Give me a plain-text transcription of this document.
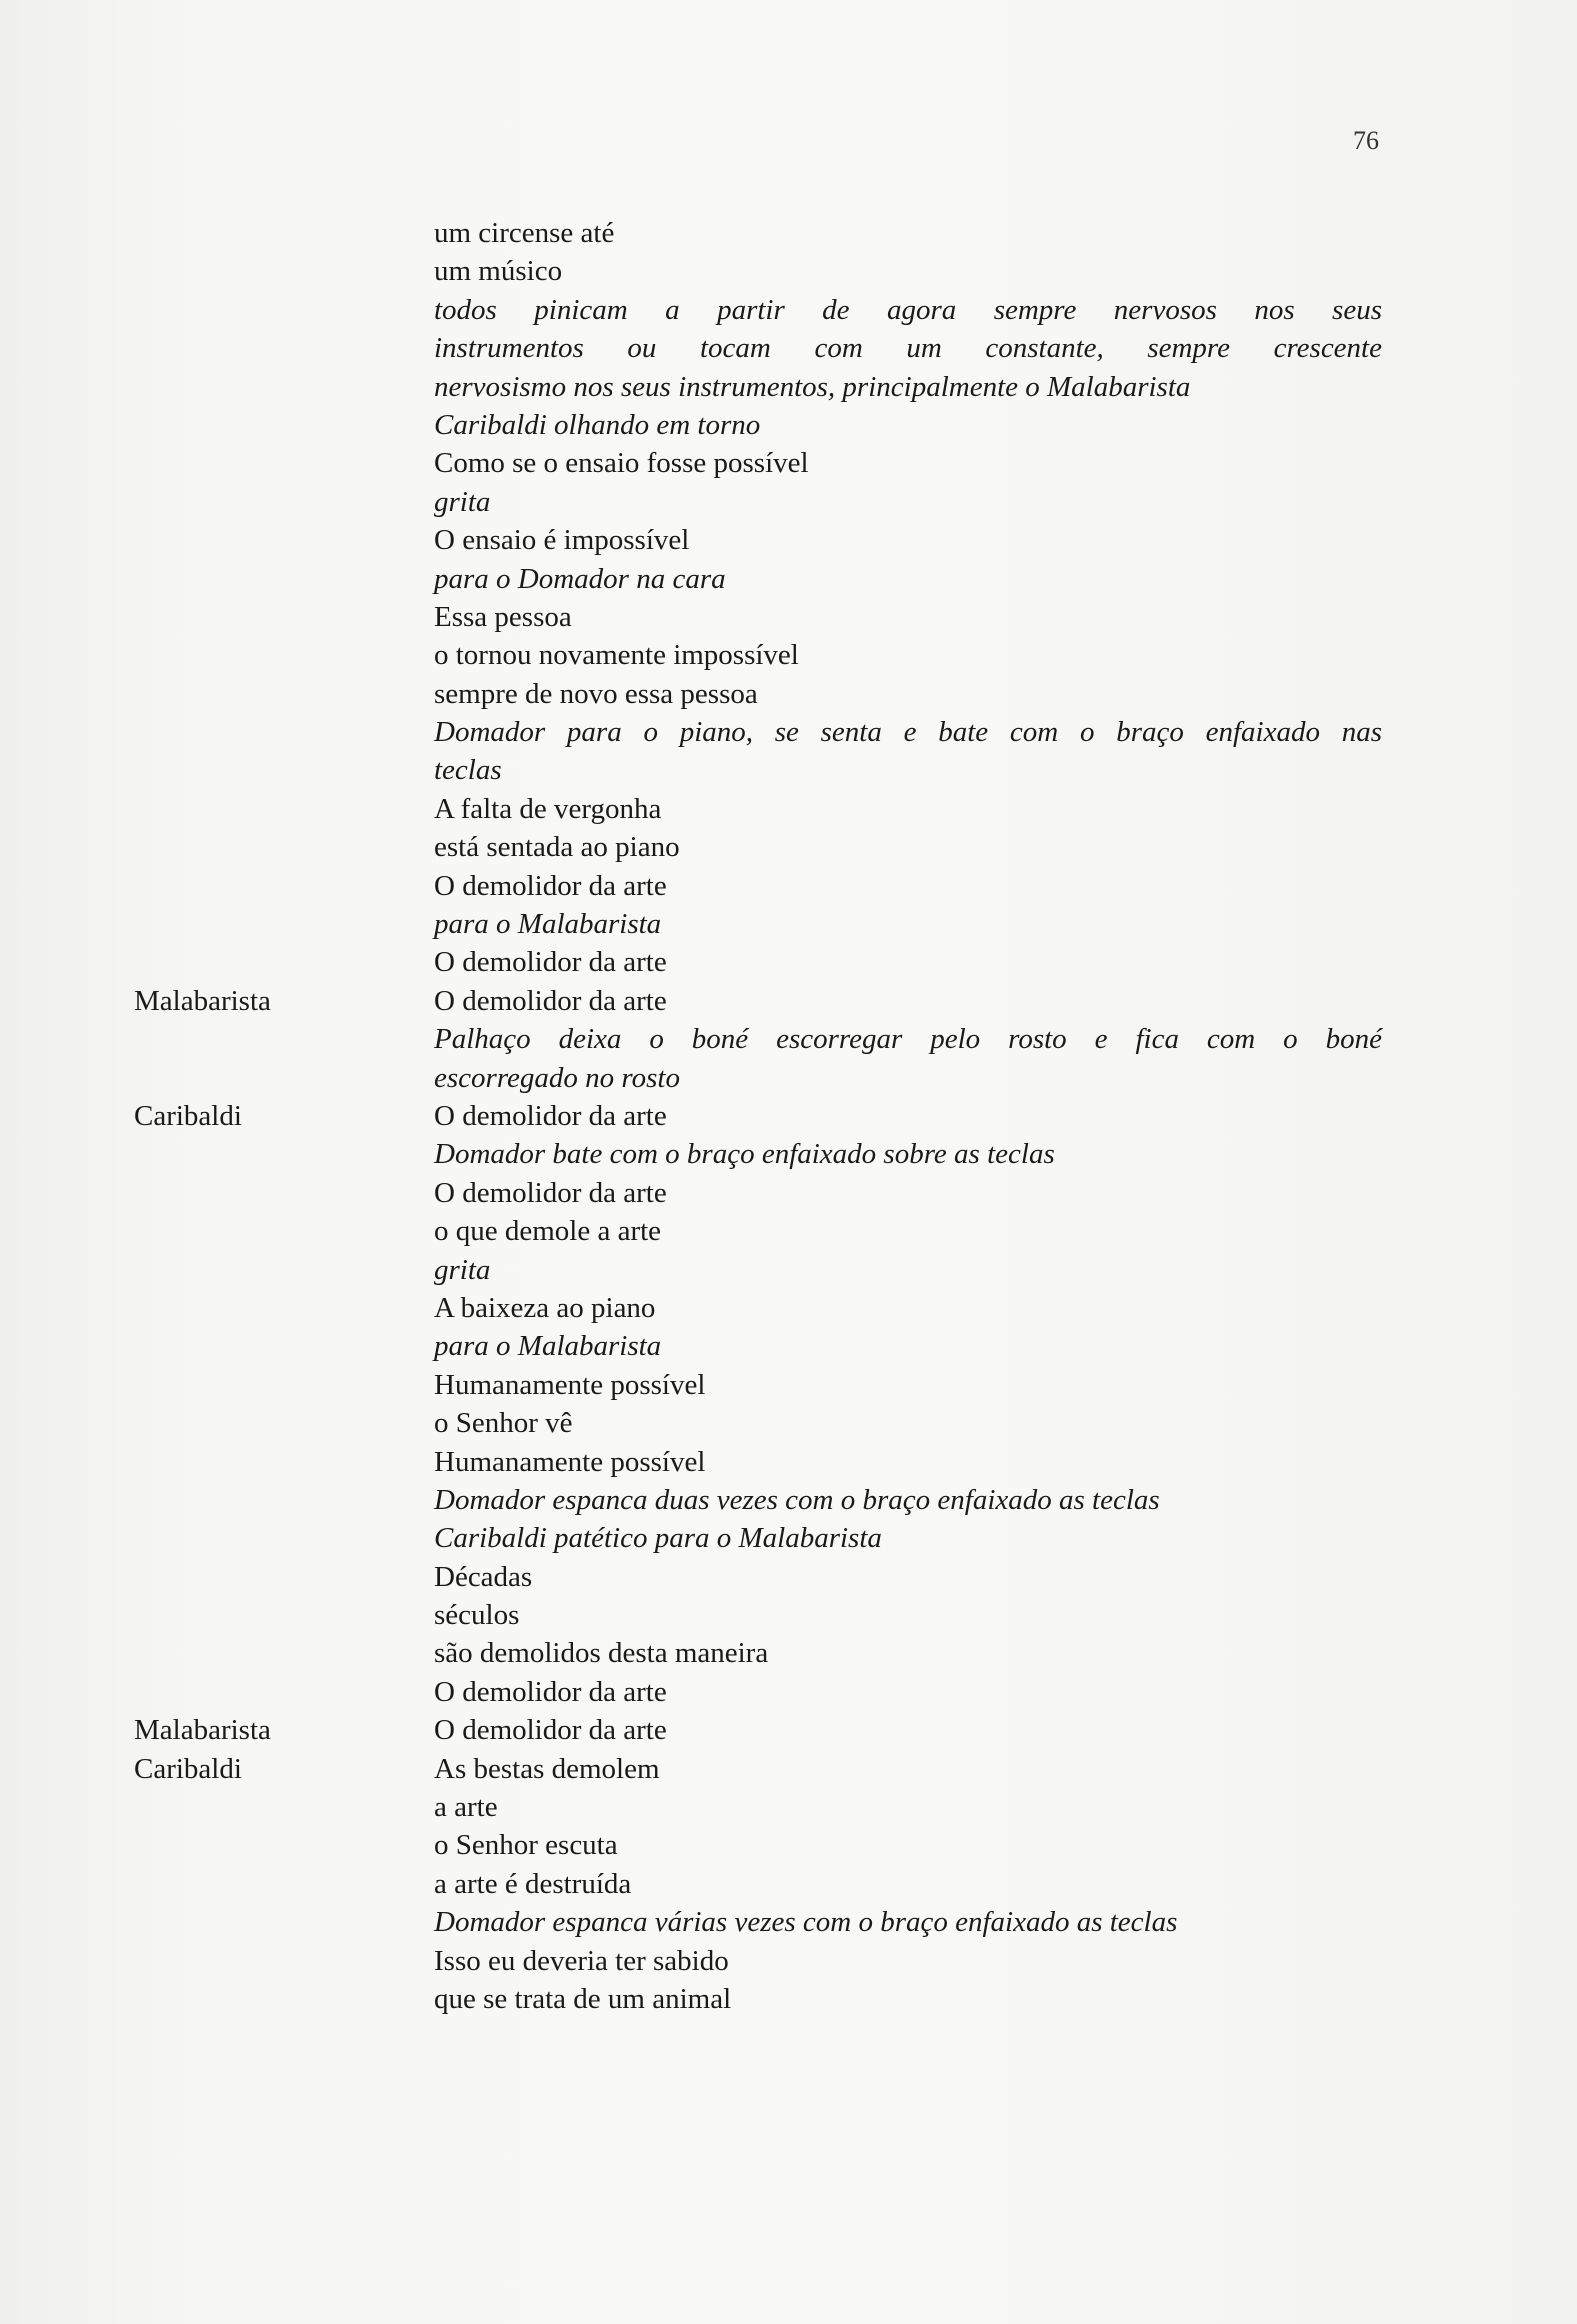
76
um circense até
um músico
todos pinicam a partir de agora sempre nervosos nos seus
instrumentos ou tocam com um constante, sempre crescente
nervosismo nos seus instrumentos, principalmente o Malabarista
Caribaldi olhando em torno
Como se o ensaio fosse possível
grita
O ensaio é impossível
para o Domador na cara
Essa pessoa
o tornou novamente impossível
sempre de novo essa pessoa
Domador para o piano, se senta e bate com o braço enfaixado nas
teclas
A falta de vergonha
está sentada ao piano
O demolidor da arte
para o Malabarista
O demolidor da arte
Malabarista	O demolidor da arte
Palhaço deixa o boné escorregar pelo rosto e fica com o boné
escorregado no rosto
Caribaldi	O demolidor da arte
Domador bate com o braço enfaixado sobre as teclas
O demolidor da arte
o que demole a arte
grita
A baixeza ao piano
para o Malabarista
Humanamente possível
o Senhor vê
Humanamente possível
Domador espanca duas vezes com o braço enfaixado as teclas
Caribaldi patético para o Malabarista
Décadas
séculos
são demolidos desta maneira
O demolidor da arte
Malabarista	O demolidor da arte
Caribaldi	As bestas demolem
a arte
o Senhor escuta
a arte é destruída
Domador espanca várias vezes com o braço enfaixado as teclas
Isso eu deveria ter sabido
que se trata de um animal
